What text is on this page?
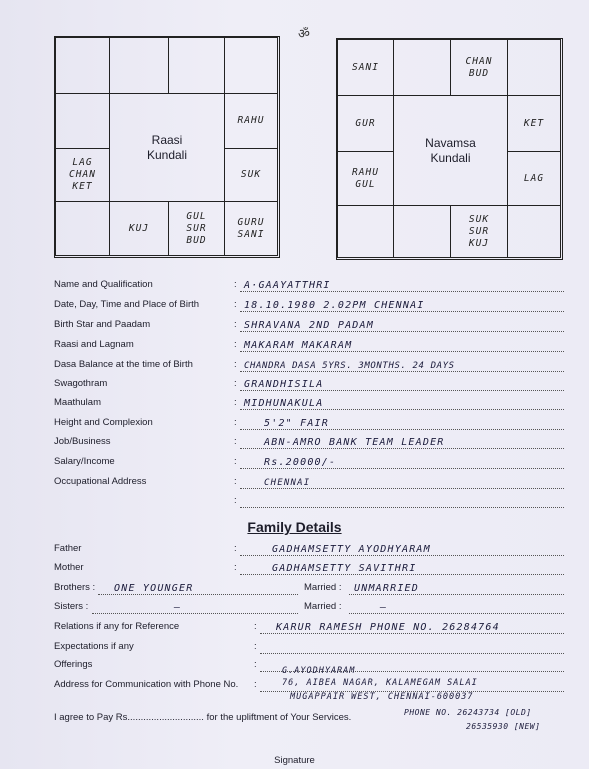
ॐ
RAHU
LAG
CHAN
KET
SUK
KUJ
GUL
SUR
BUD
GURU
SANI
Raasi
Kundali
SANI
CHAN
BUD
GUR	KET
RAHU
GUL
LAG
SUK
SUR
KUJ
Navamsa
Kundali
Name and Qualification	: A·GAAYATTHRI
Date, Day, Time and Place of Birth	: 18.10.1980 2.02PM CHENNAI
Birth Star and Paadam	: SHRAVANA 2ND PADAM
Raasi and Lagnam	: MAKARAM MAKARAM
Dasa Balance at the time of Birth	: CHANDRA DASA 5YRS. 3MONTHS. 24 DAYS
Swagothram	: GRANDHISILA
Maathulam	: MIDHUNAKULA
Height and Complexion	:	5'2" FAIR
Job/Business	:	ABN-AMRO BANK TEAM LEADER
Salary/Income	:	Rs.20000/-
Occupational Address	:	CHENNAI
:
Family Details
Father	:	GADHAMSETTY AYODHYARAM
Mother	:	GADHAMSETTY SAVITHRI
Brothers : ONE YOUNGER	Married : UNMARRIED
Sisters :	—	Married :	—
Relations if any for Reference	: KARUR RAMESH PHONE NO. 26284764
Expectations if any	:
Offerings	:
Address for Communication with Phone No. :
G.AYODHYARAM
76, AIBEA NAGAR, KALAMEGAM SALAI
MUGAPPAIR WEST, CHENNAI-600037
I agree to Pay Rs............................. for the upliftment of Your Services.	PHONE NO. 26243734 [OLD]
26535930 [NEW]
Signature
